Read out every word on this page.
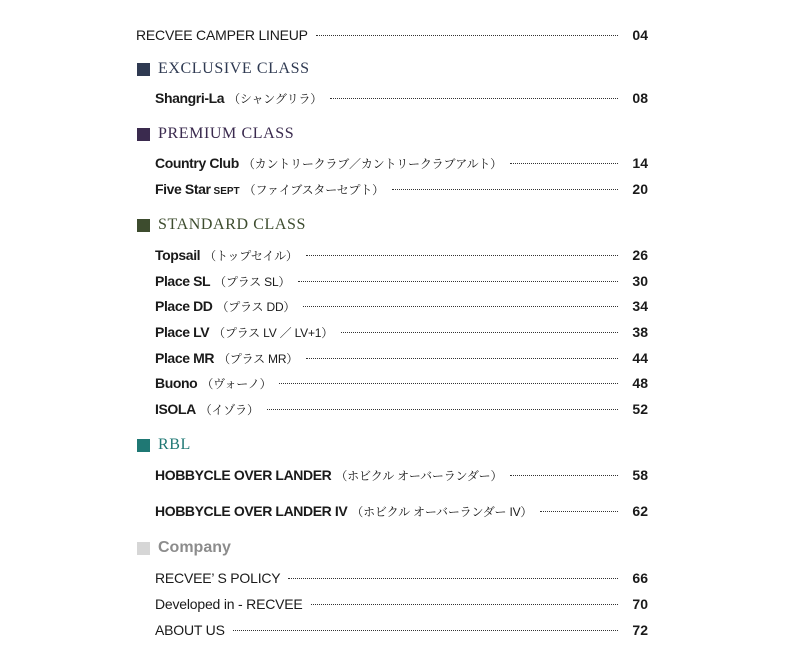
RECVEE CAMPER LINEUP	04
EXCLUSIVE CLASS
Shangri-La （シャングリラ）	08
PREMIUM CLASS
Country Club （カントリークラブ／カントリークラブアルト）	14
Five Star SEPT （ファイブスターセプト）	20
STANDARD CLASS
Topsail （トップセイル）	26
Place SL （プラス SL）	30
Place DD （プラス DD）	34
Place LV （プラス LV ／ LV+1）	38
Place MR （プラス MR）	44
Buono （ヴォーノ）	48
ISOLA （イゾラ）	52
RBL
HOBBYCLE OVER LANDER （ホビクル オーバーランダー）	58
HOBBYCLE OVER LANDER IV （ホビクル オーバーランダー IV）	62
Company
RECVEE’ S POLICY	66
Developed in - RECVEE	70
ABOUT US	72
